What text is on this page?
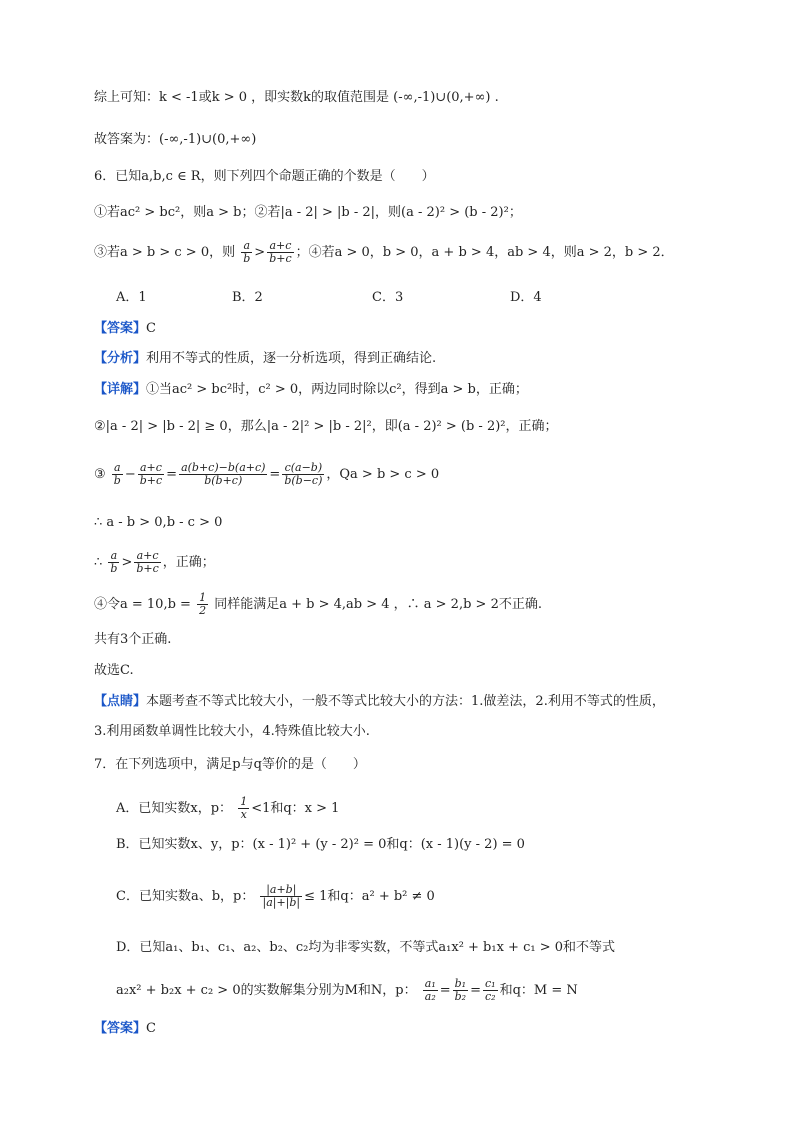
综上可知：k < -1或k > 0 ，即实数k的取值范围是 (-∞,-1)∪(0,+∞) .
故答案为：(-∞,-1)∪(0,+∞)
6．已知a,b,c ∈ R，则下列四个命题正确的个数是（　　）
①若ac² > bc²，则a > b；②若|a - 2| > |b - 2|，则(a - 2)² > (b - 2)²；
③若a > b > c > 0，则 $\frac{a}{b} > \frac{a+c}{b+c}$ ；④若a > 0，b > 0，a + b > 4，ab > 4，则a > 2，b > 2．
A．1	B．2	C．3	D．4
【答案】C
【分析】利用不等式的性质，逐一分析选项，得到正确结论.
【详解】①当ac² > bc²时，c² > 0，两边同时除以c²，得到a > b，正确；
②|a - 2| > |b - 2| ≥ 0，那么|a - 2|² > |b - 2|²，即(a - 2)² > (b - 2)²，正确；
③ $\frac{a}{b} - \frac{a+c}{b+c} = \frac{a(b+c)-b(a+c)}{b(b+c)} = \frac{c(a-b)}{b(b-c)}$ ，Qa > b > c > 0
∴ a - b > 0,b - c > 0
∴ $\frac{a}{b} > \frac{a+c}{b+c}$ ，正确；
④令$a = 10,b = \frac{1}{2}$ 同样能满足a + b > 4,ab > 4 ，∴ a > 2,b > 2不正确.
共有3个正确.
故选C.
【点睛】本题考查不等式比较大小，一般不等式比较大小的方法：1.做差法，2.利用不等式的性质，
3.利用函数单调性比较大小，4.特殊值比较大小.
7．在下列选项中，满足p与q等价的是（　　）
A．已知实数x，p： $\frac{1}{x} <1$和q：x > 1
B．已知实数x、y，p：(x - 1)² + (y - 2)² = 0和q：(x - 1)(y - 2) = 0
C．已知实数a、b，p： $\frac{|a+b|}{|a|+|b|} \le 1$和q：a² + b² ≠ 0
D．已知a₁、b₁、c₁、a₂、b₂、c₂均为非零实数，不等式a₁x² + b₁x + c₁ > 0和不等式
a₂x² + b₂x + c₂ > 0的实数解集分别为M和N，p： $\frac{\text{a₁}}{\text{a₂}} = \frac{\text{b₁}}{\text{b₂}} = \frac{\text{c₁}}{\text{c₂}}$ 和q：M = N
【答案】C
